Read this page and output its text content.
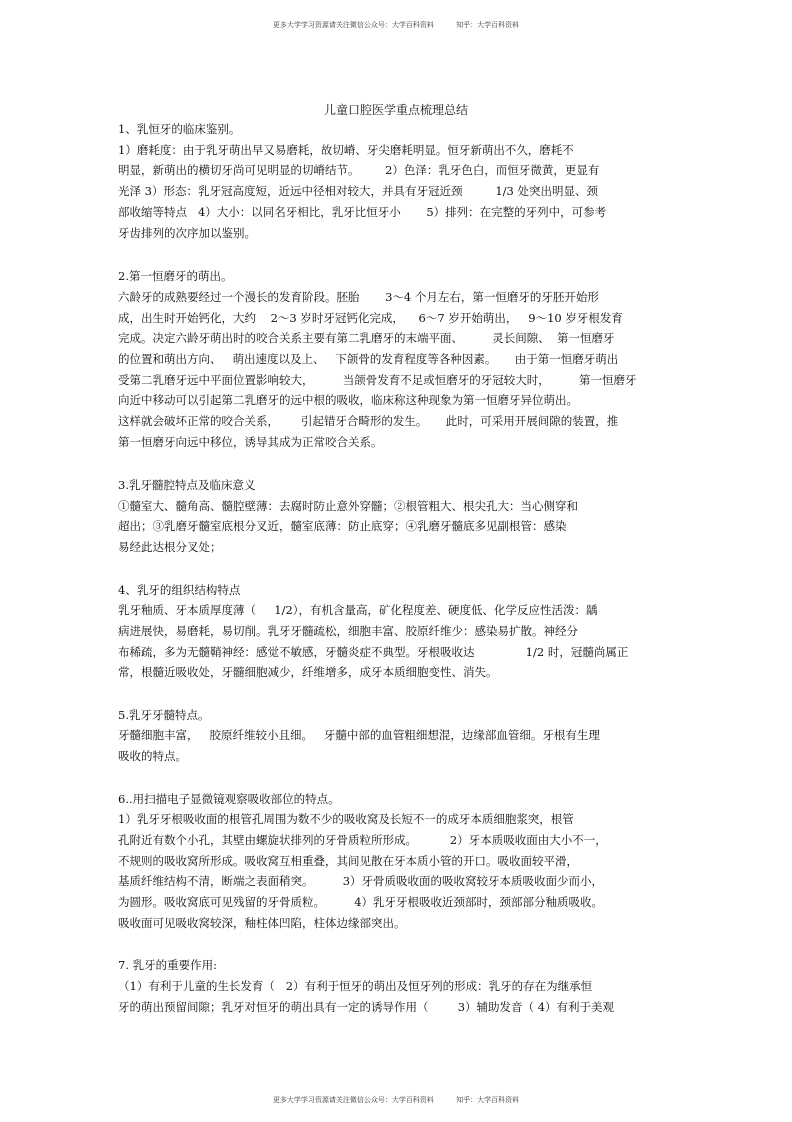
更多大学学习资源请关注微信公众号：大学百科资料	知乎：大学百科资料
儿童口腔医学重点梳理总结
1、乳恒牙的临床鉴别。
1）磨耗度：由于乳牙萌出早又易磨耗，故切嵴、牙尖磨耗明显。恒牙新萌出不久，磨耗不
明显，新萌出的横切牙尚可见明显的切嵴结节。       2）色泽：乳牙色白，而恒牙微黄，更显有
光泽 3）形态：乳牙冠高度短，近远中径相对较大，并具有牙冠近颈         1/3 处突出明显、颈
部收缩等特点   4）大小：以同名牙相比，乳牙比恒牙小       5）排列：在完整的牙列中，可参考
牙齿排列的次序加以鉴别。
2.第一恒磨牙的萌出。
六龄牙的成熟要经过一个漫长的发育阶段。胚胎       3～4 个月左右，第一恒磨牙的牙胚开始形
成，出生时开始钙化，大约    2～3 岁时牙冠钙化完成，    6～7 岁开始萌出，   9～10 岁牙根发育
完成。决定六龄牙萌出时的咬合关系主要有第二乳磨牙的末端平面、        灵长间隙、  第一恒磨牙
的位置和萌出方向、   萌出速度以及上、   下颌骨的发育程度等各种因素。     由于第一恒磨牙萌出
受第二乳磨牙远中平面位置影响较大，        当颌骨发育不足或恒磨牙的牙冠较大时，        第一恒磨牙
向近中移动可以引起第二乳磨牙的远中根的吸收，临床称这种现象为第一恒磨牙异位萌出。
这样就会破坏正常的咬合关系，      引起错牙合畸形的发生。     此时，可采用开展间隙的装置，推
第一恒磨牙向远中移位，诱导其成为正常咬合关系。
3.乳牙髓腔特点及临床意义
①髓室大、髓角高、髓腔壁薄：去腐时防止意外穿髓；②根管粗大、根尖孔大：当心侧穿和
超出；③乳磨牙髓室底根分叉近，髓室底薄：防止底穿；④乳磨牙髓底多见副根管：感染
易经此达根分叉处；
4、乳牙的组织结构特点
乳牙釉质、牙本质厚度薄（     1/2），有机含量高，矿化程度差、硬度低、化学反应性活泼：龋
病进展快，易磨耗，易切削。乳牙牙髓疏松，细胞丰富、胶原纤维少：感染易扩散。神经分
布稀疏，多为无髓鞘神经：感觉不敏感，牙髓炎症不典型。牙根吸收达              1/2 时，冠髓尚属正
常，根髓近吸收处，牙髓细胞减少，纤维增多，成牙本质细胞变性、消失。
5.乳牙牙髓特点。
牙髓细胞丰富，   胶原纤维较小且细。   牙髓中部的血管粗细想混，边缘部血管细。牙根有生理
吸收的特点。
6..用扫描电子显微镜观察吸收部位的特点。
1）乳牙牙根吸收面的根管孔周围为数不少的吸收窝及长短不一的成牙本质细胞浆突，根管
孔附近有数个小孔，其壁由螺旋状排列的牙骨质粒所形成。         2）牙本质吸收面由大小不一，
不规则的吸收窝所形成。吸收窝互相重叠，其间见散在牙本质小管的开口。吸收面较平滑，
基质纤维结构不清，断端之表面稍突。        3）牙骨质吸收面的吸收窝较牙本质吸收面少而小，
为圆形。吸收窝底可见残留的牙骨质粒。        4）乳牙牙根吸收近颈部时，颈部部分釉质吸收。
吸收面可见吸收窝较深，釉柱体凹陷，柱体边缘部突出。
7. 乳牙的重要作用:
（1）有利于儿童的生长发育（   2）有利于恒牙的萌出及恒牙列的形成：乳牙的存在为继承恒
牙的萌出预留间隙；乳牙对恒牙的萌出具有一定的诱导作用（        3）辅助发音（ 4）有利于美观
更多大学学习资源请关注微信公众号：大学百科资料	知乎：大学百科资料
